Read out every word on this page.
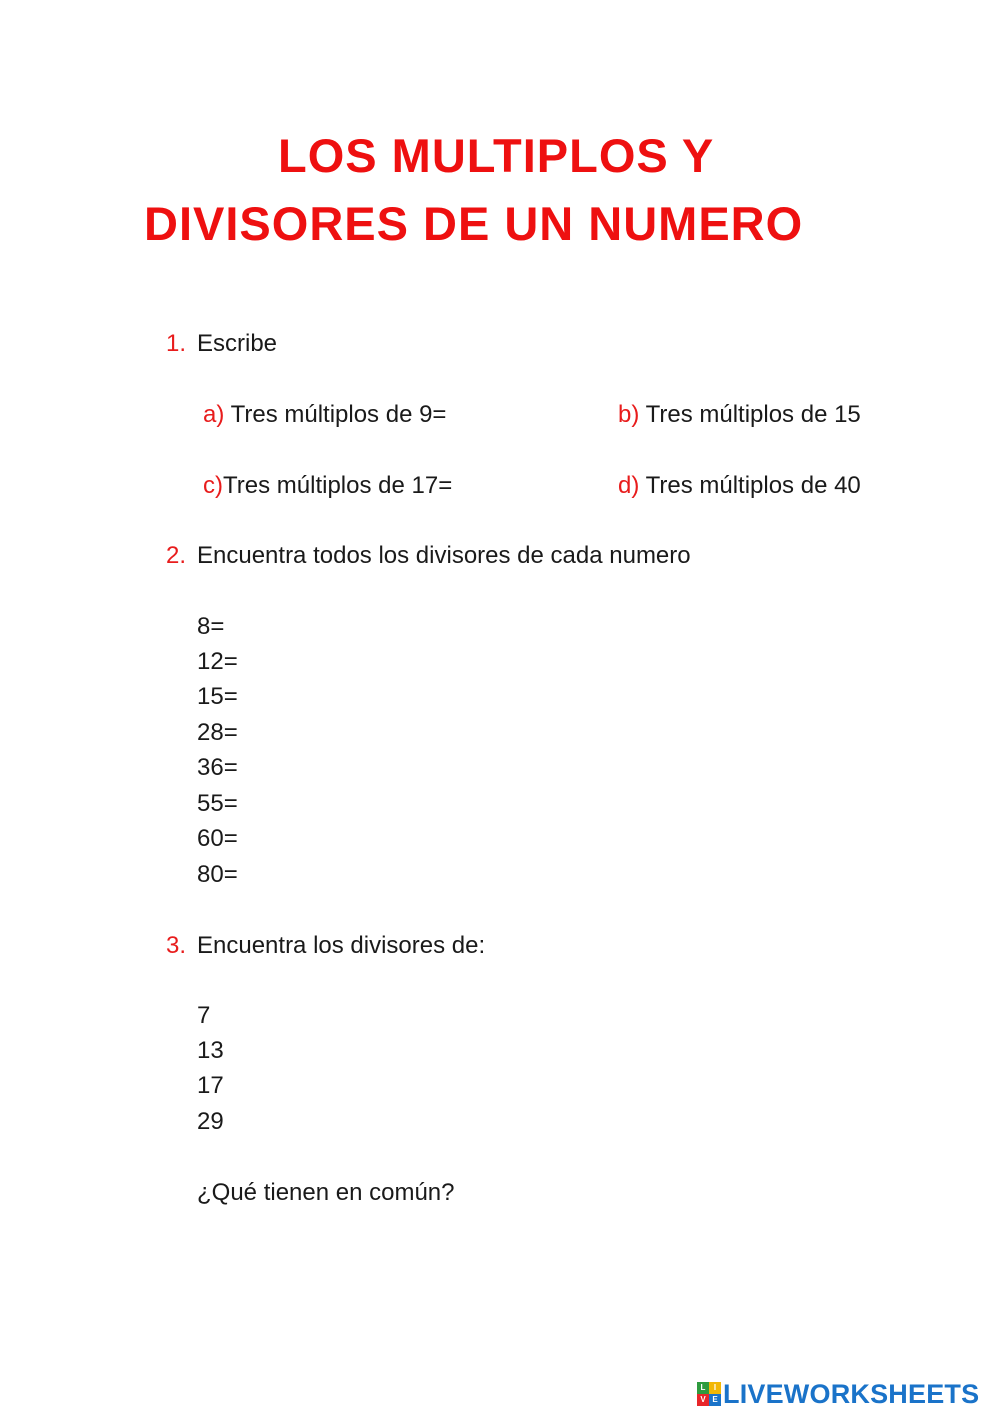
LOS MULTIPLOS Y
DIVISORES DE UN NUMERO
1. Escribe
a) Tres múltiplos de 9=	b) Tres múltiplos de 15
c)Tres múltiplos de 17=	d) Tres múltiplos de 40
2. Encuentra todos los divisores de cada numero
8=
12=
15=
28=
36=
55=
60=
80=
3. Encuentra los divisores de:
7
13
17
29
¿Qué tienen en común?
L	I
V E LIVEWORKSHEETS
